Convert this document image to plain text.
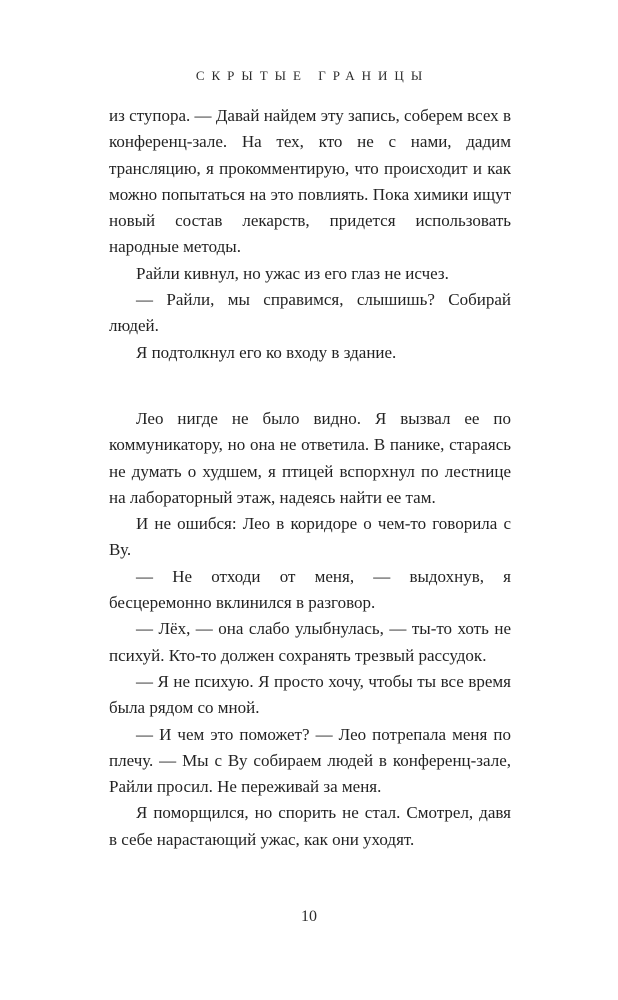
СКРЫТЫЕ ГРАНИЦЫ

из ступора. — Давай найдем эту запись, соберем всех в конференц-зале. На тех, кто не с нами, дадим трансляцию, я прокомментирую, что происходит и как можно попытаться на это повлиять. Пока химики ищут новый состав лекарств, придется использовать народные методы.

Райли кивнул, но ужас из его глаз не исчез.

— Райли, мы справимся, слышишь? Собирай людей.

Я подтолкнул его ко входу в здание.

Лео нигде не было видно. Я вызвал ее по коммуникатору, но она не ответила. В панике, стараясь не думать о худшем, я птицей вспорхнул по лестнице на лабораторный этаж, надеясь найти ее там.

И не ошибся: Лео в коридоре о чем-то говорила с Ву.

— Не отходи от меня, — выдохнув, я бесцеремонно вклинился в разговор.

— Лёх, — она слабо улыбнулась, — ты-то хоть не психуй. Кто-то должен сохранять трезвый рассудок.

— Я не психую. Я просто хочу, чтобы ты все время была рядом со мной.

— И чем это поможет? — Лео потрепала меня по плечу. — Мы с Ву собираем людей в конференц-зале, Райли просил. Не переживай за меня.

Я поморщился, но спорить не стал. Смотрел, давя в себе нарастающий ужас, как они уходят.

10
